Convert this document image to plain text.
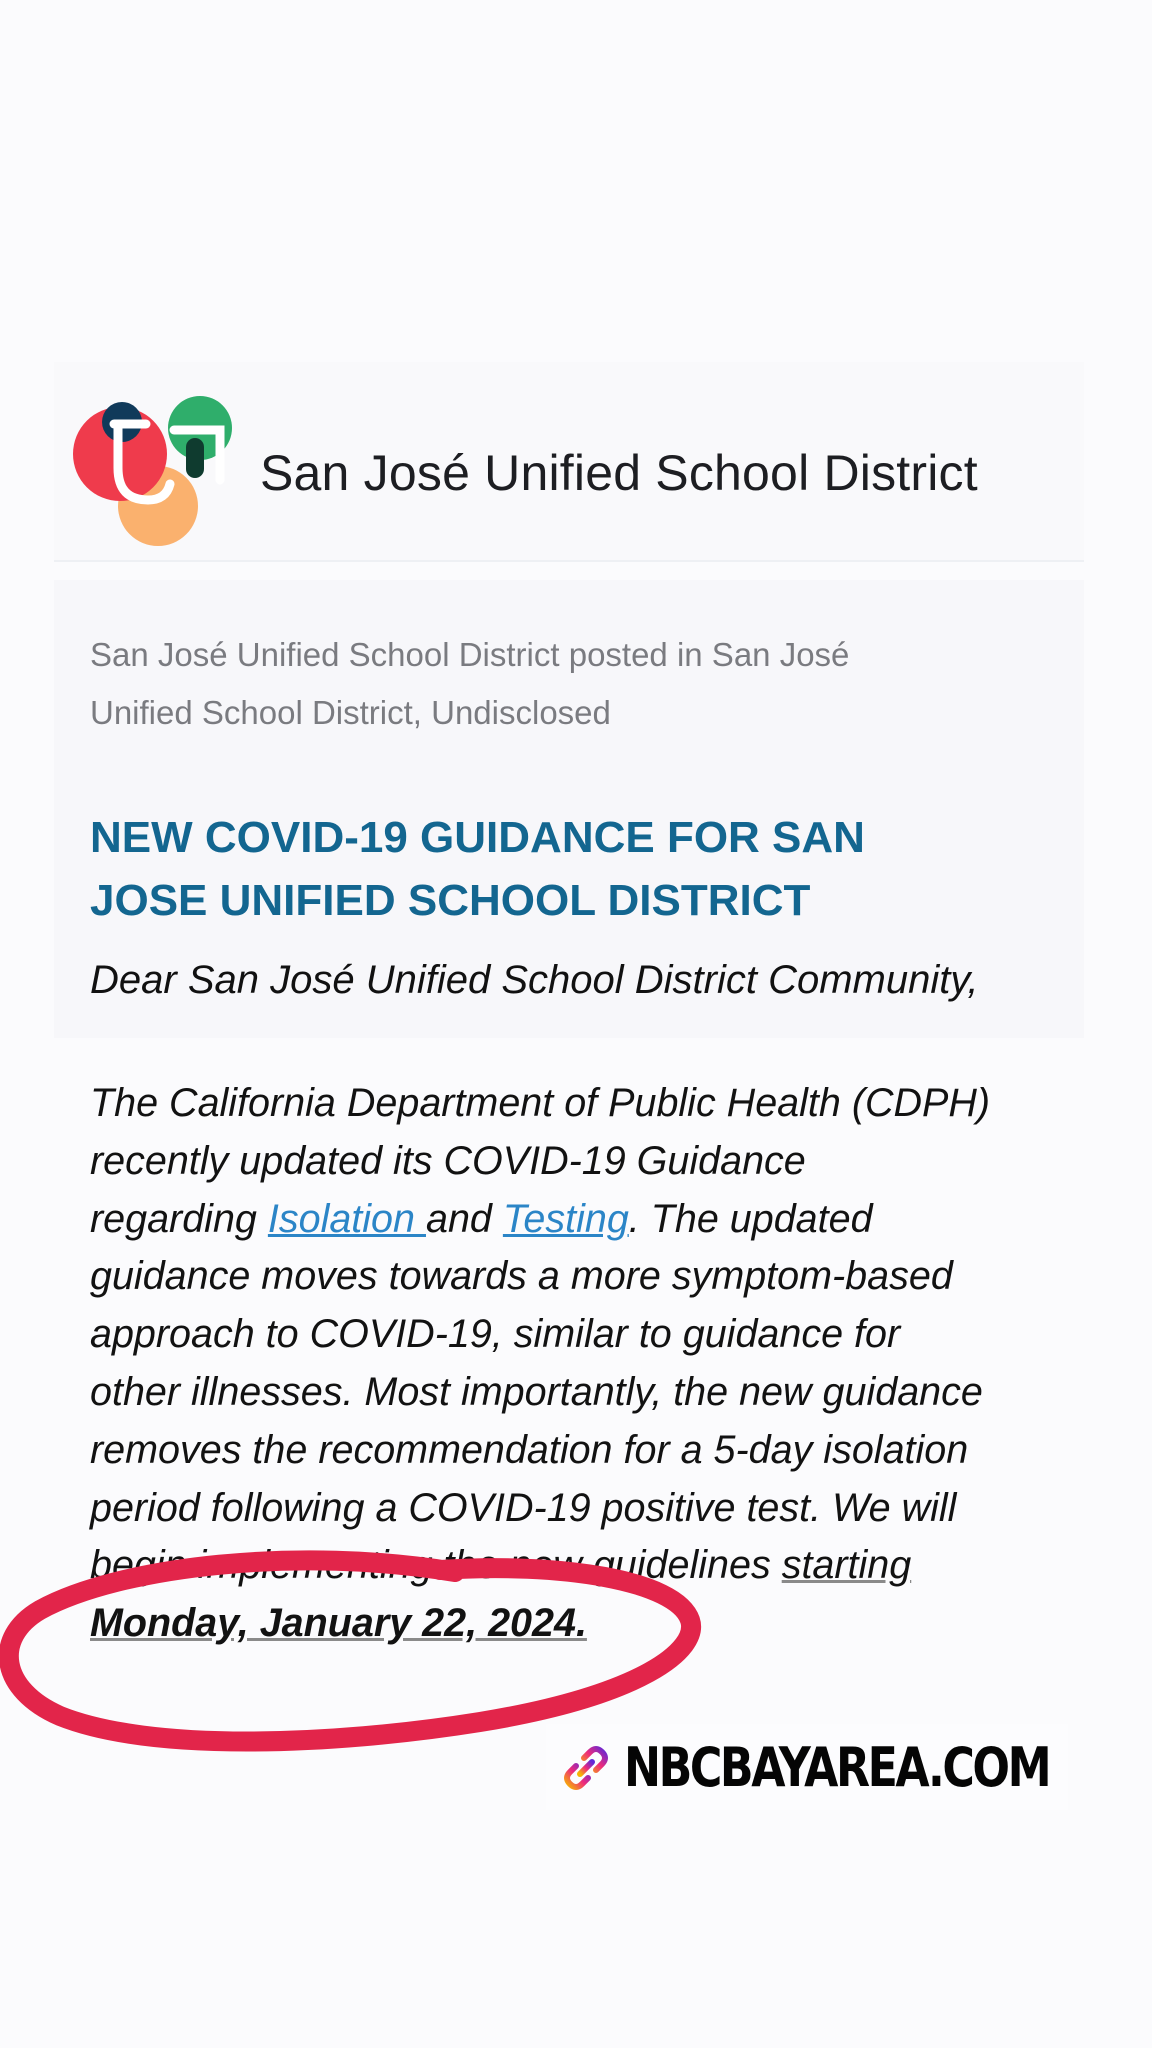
San José Unified School District
San José Unified School District posted in San José
Unified School District, Undisclosed
NEW COVID-19 GUIDANCE FOR SAN
JOSE UNIFIED SCHOOL DISTRICT
Dear San José Unified School District Community,
The California Department of Public Health (CDPH)
recently updated its COVID-19 Guidance
regarding Isolation and Testing. The updated
guidance moves towards a more symptom-based
approach to COVID-19, similar to guidance for
other illnesses. Most importantly, the new guidance
removes the recommendation for a 5-day isolation
period following a COVID-19 positive test. We will
begin implementing the new guidelines starting
Monday, January 22, 2024.
NBCBAYAREA.COM
